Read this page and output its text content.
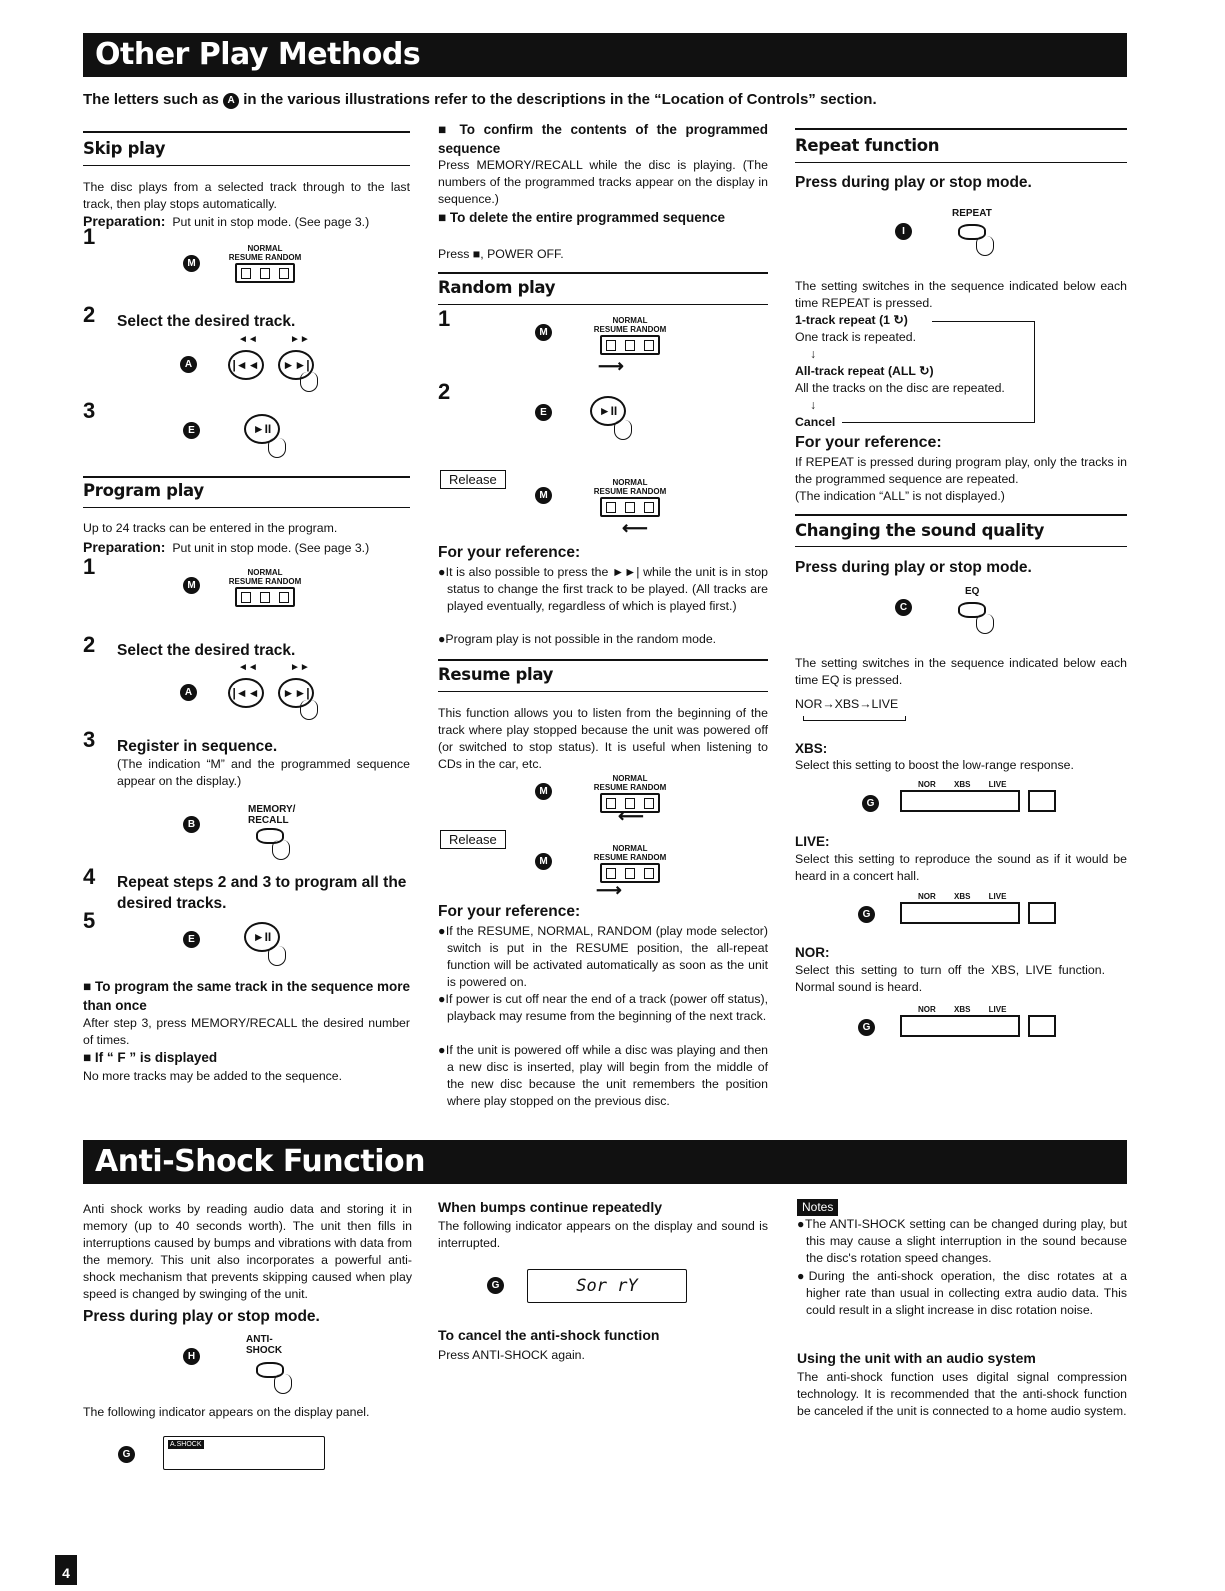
Other Play Methods
The letters such as A in the various illustrations refer to the descriptions in the “Location of Controls” section.
Skip play
The disc plays from a selected track through to the last track, then play stops automatically.
Preparation: Put unit in stop mode. (See page 3.)
1
M
NORMAL
RESUME RANDOM
2 Select the desired track.
◄◄	►►
A	|◄◄	►►|
3
E	►II
Program play
Up to 24 tracks can be entered in the program.
Preparation: Put unit in stop mode. (See page 3.)
1
M
NORMAL
RESUME RANDOM
2 Select the desired track.
◄◄	►►
A	|◄◄	►►|
3 Register in sequence.
(The indication “M” and the programmed sequence appear on the display.)
MEMORY/ RECALL
B
4 Repeat steps 2 and 3 to program all the desired tracks.
5
E	►II
■ To program the same track in the sequence more than once
After step 3, press MEMORY/RECALL the desired number of times.
■ If “ F ” is displayed
No more tracks may be added to the sequence.
■ To confirm the contents of the programmed sequence
Press MEMORY/RECALL while the disc is playing. (The numbers of the programmed tracks appear on the display in sequence.)
■ To delete the entire programmed sequence
Press ■, POWER OFF.
Random play
1
M
NORMAL
RESUME RANDOM
⟶
2
E	►II
Release
M
NORMAL
RESUME RANDOM
⟵
For your reference:
●It is also possible to press the ►►| while the unit is in stop status to change the first track to be played. (All tracks are played eventually, regardless of which is played first.)
●Program play is not possible in the random mode.
Resume play
This function allows you to listen from the beginning of the track where play stopped because the unit was powered off (or switched to stop status). It is useful when listening to CDs in the car, etc.
M
NORMAL
RESUME RANDOM
⟵
Release
M
NORMAL
RESUME RANDOM
⟶
For your reference:
●If the RESUME, NORMAL, RANDOM (play mode selector) switch is put in the RESUME position, the all-repeat function will be activated automatically as soon as the unit is powered on.
●If power is cut off near the end of a track (power off status), playback may resume from the beginning of the next track.
●If the unit is powered off while a disc was playing and then a new disc is inserted, play will begin from the middle of the new disc because the unit remembers the position where play stopped on the previous disc.
Repeat function
Press during play or stop mode.
REPEAT
I
The setting switches in the sequence indicated below each time REPEAT is pressed.
1-track repeat (1 ↻)
One track is repeated.
↓
All-track repeat (ALL ↻)
All the tracks on the disc are repeated.
↓
Cancel
For your reference:
If REPEAT is pressed during program play, only the tracks in the programmed sequence are repeated.
(The indication “ALL” is not displayed.)
Changing the sound quality
Press during play or stop mode.
EQ
C
The setting switches in the sequence indicated below each time EQ is pressed.
NOR→XBS→LIVE
XBS:
Select this setting to boost the low-range response.
G
NOR XBS LIVE
LIVE:
Select this setting to reproduce the sound as if it would be heard in a concert hall.
G
NOR XBS LIVE
NOR:
Select this setting to turn off the XBS, LIVE function. Normal sound is heard.
G
NOR XBS LIVE
Anti-Shock Function
Anti shock works by reading audio data and storing it in memory (up to 40 seconds worth). The unit then fills in interruptions caused by bumps and vibrations with data from the memory. This unit also incorporates a powerful anti-shock mechanism that prevents skipping caused when play speed is changed by swinging of the unit.
Press during play or stop mode.
ANTI- SHOCK
H
The following indicator appears on the display panel.
G
A.SHOCK
When bumps continue repeatedly
The following indicator appears on the display and sound is interrupted.
G	Sor rY
To cancel the anti-shock function
Press ANTI-SHOCK again.
Notes
●The ANTI-SHOCK setting can be changed during play, but this may cause a slight interruption in the sound because the disc's rotation speed changes.
●During the anti-shock operation, the disc rotates at a higher rate than usual in collecting extra audio data. This could result in a slight increase in disc rotation noise.
Using the unit with an audio system
The anti-shock function uses digital signal compression technology. It is recommended that the anti-shock function be canceled if the unit is connected to a home audio system.
4
